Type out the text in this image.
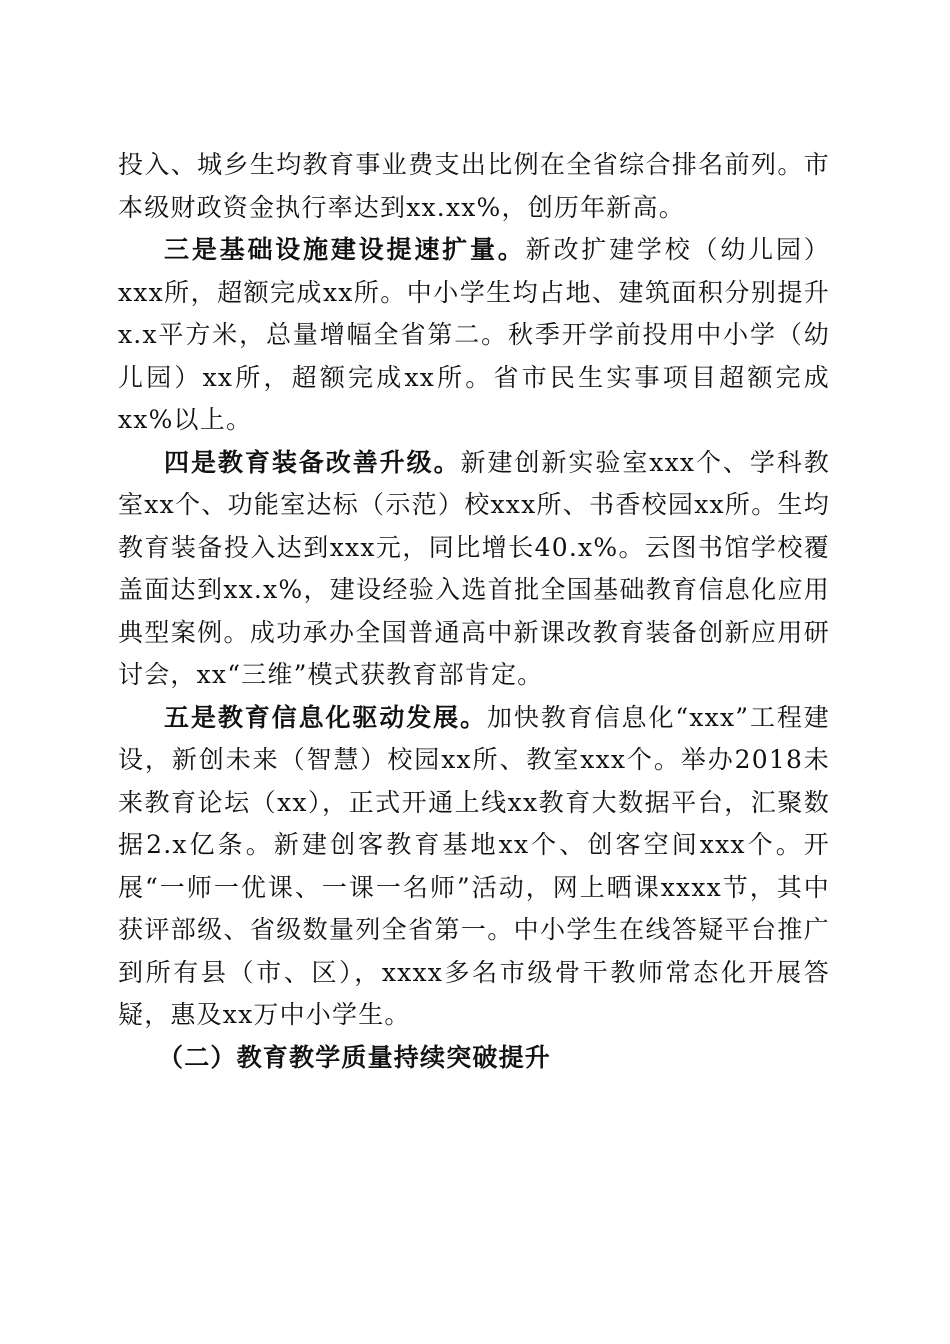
投入、城乡生均教育事业费支出比例在全省综合排名前列。市本级财政资金执行率达到xx.xx%，创历年新高。

三是基础设施建设提速扩量。新改扩建学校（幼儿园）xxx所，超额完成xx所。中小学生均占地、建筑面积分别提升x.x平方米，总量增幅全省第二。秋季开学前投用中小学（幼儿园）xx所，超额完成xx所。省市民生实事项目超额完成xx%以上。

四是教育装备改善升级。新建创新实验室xxx个、学科教室xx个、功能室达标（示范）校xxx所、书香校园xx所。生均教育装备投入达到xxx元，同比增长40.x%。云图书馆学校覆盖面达到xx.x%，建设经验入选首批全国基础教育信息化应用典型案例。成功承办全国普通高中新课改教育装备创新应用研讨会，xx“三维”模式获教育部肯定。

五是教育信息化驱动发展。加快教育信息化“xxx”工程建设，新创未来（智慧）校园xx所、教室xxx个。举办2018未来教育论坛（xx），正式开通上线xx教育大数据平台，汇聚数据2.x亿条。新建创客教育基地xx个、创客空间xxx个。开展“一师一优课、一课一名师”活动，网上晒课xxxx节，其中获评部级、省级数量列全省第一。中小学生在线答疑平台推广到所有县（市、区），xxxx多名市级骨干教师常态化开展答疑，惠及xx万中小学生。

（二）教育教学质量持续突破提升
